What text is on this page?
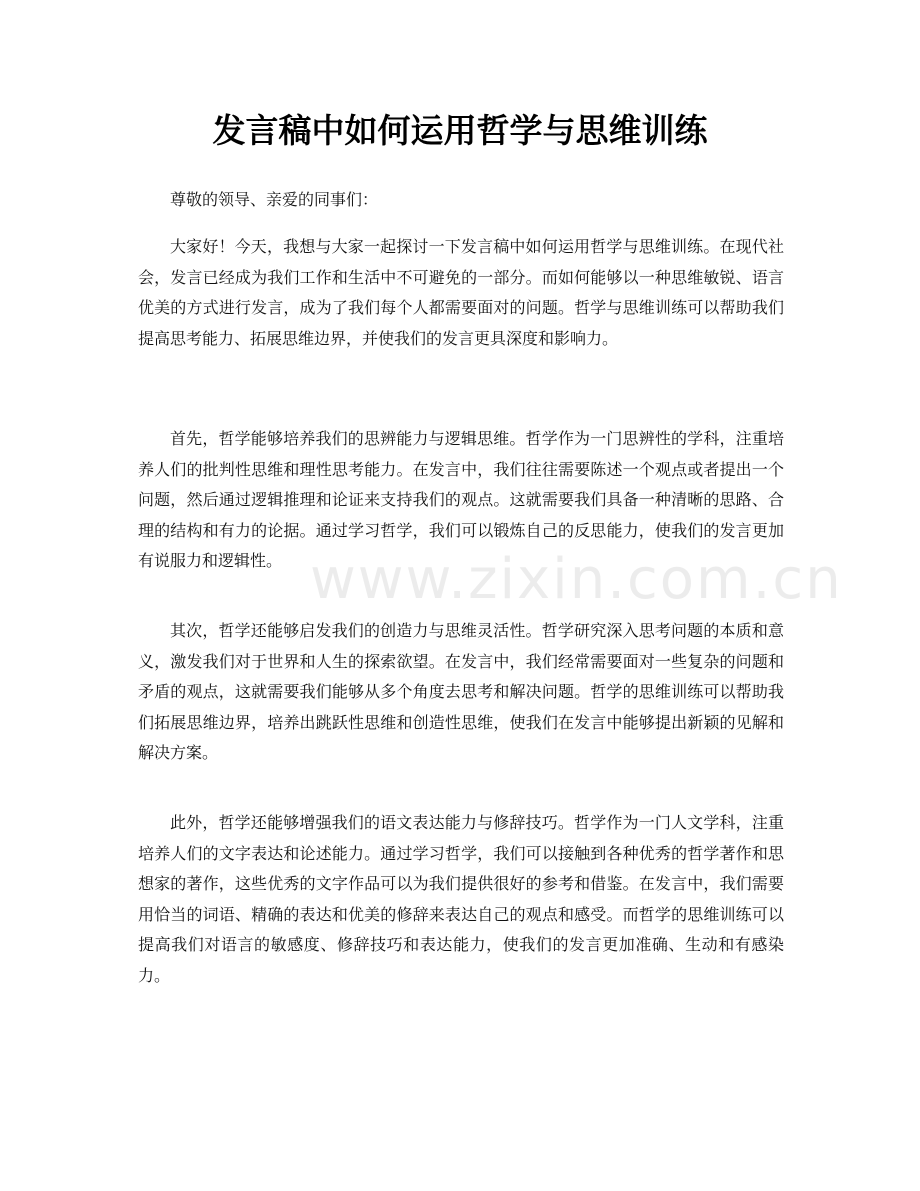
发言稿中如何运用哲学与思维训练

尊敬的领导、亲爱的同事们：

大家好！今天，我想与大家一起探讨一下发言稿中如何运用哲学与思维训练。在现代社会，发言已经成为我们工作和生活中不可避免的一部分。而如何能够以一种思维敏锐、语言优美的方式进行发言，成为了我们每个人都需要面对的问题。哲学与思维训练可以帮助我们提高思考能力、拓展思维边界，并使我们的发言更具深度和影响力。

首先，哲学能够培养我们的思辨能力与逻辑思维。哲学作为一门思辨性的学科，注重培养人们的批判性思维和理性思考能力。在发言中，我们往往需要陈述一个观点或者提出一个问题，然后通过逻辑推理和论证来支持我们的观点。这就需要我们具备一种清晰的思路、合理的结构和有力的论据。通过学习哲学，我们可以锻炼自己的反思能力，使我们的发言更加有说服力和逻辑性。 www.zixin.com.cn

其次，哲学还能够启发我们的创造力与思维灵活性。哲学研究深入思考问题的本质和意义，激发我们对于世界和人生的探索欲望。在发言中，我们经常需要面对一些复杂的问题和矛盾的观点，这就需要我们能够从多个角度去思考和解决问题。哲学的思维训练可以帮助我们拓展思维边界，培养出跳跃性思维和创造性思维，使我们在发言中能够提出新颖的见解和解决方案。

此外，哲学还能够增强我们的语文表达能力与修辞技巧。哲学作为一门人文学科，注重培养人们的文字表达和论述能力。通过学习哲学，我们可以接触到各种优秀的哲学著作和思想家的著作，这些优秀的文字作品可以为我们提供很好的参考和借鉴。在发言中，我们需要用恰当的词语、精确的表达和优美的修辞来表达自己的观点和感受。而哲学的思维训练可以提高我们对语言的敏感度、修辞技巧和表达能力，使我们的发言更加准确、生动和有感染力。
